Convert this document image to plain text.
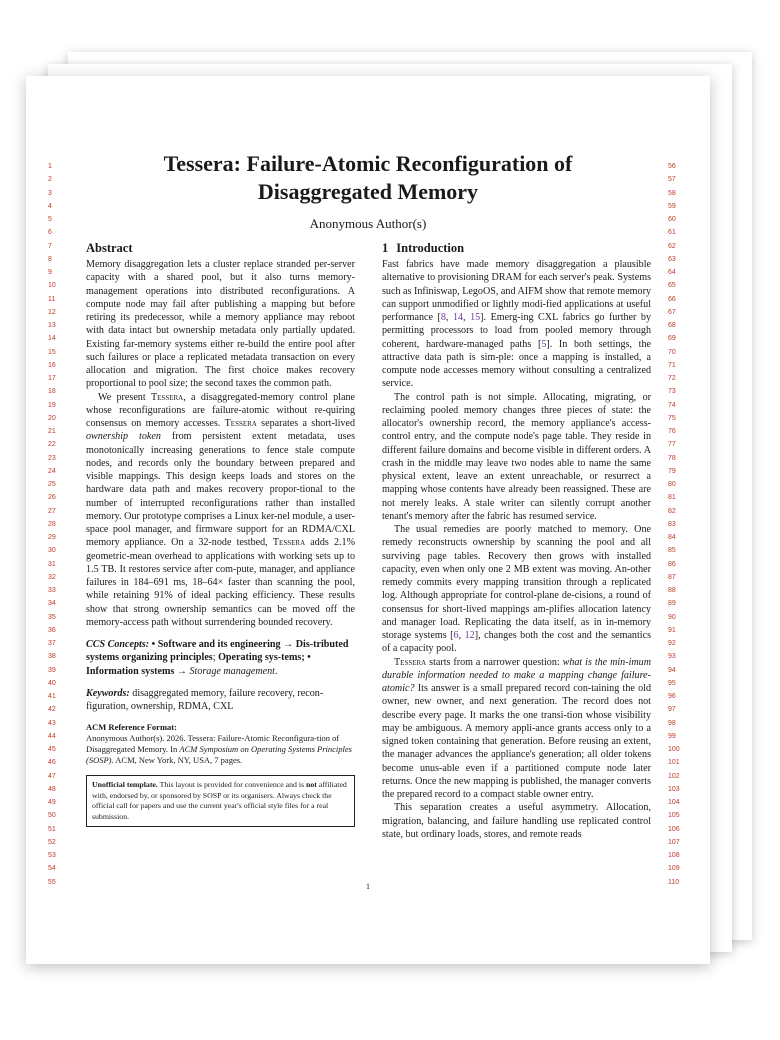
1
2
3
4
5
6
7
8
9
10
11
12
13
14
15
16
17
18
19
20
21
22
23
24
25
26
27
28
29
30
31
32
33
34
35
36
37
38
39
40
41
42
43
44
45
46
47
48
49
50
51
52
53
54
55
56
57
58
59
60
61
62
63
64
65
66
67
68
69
70
71
72
73
74
75
76
77
78
79
80
81
82
83
84
85
86
87
88
89
90
91
92
93
94
95
96
97
98
99
100
101
102
103
104
105
106
107
108
109
110
Tessera: Failure-Atomic Reconfiguration of
Disaggregated Memory
Anonymous Author(s)
Abstract

Memory disaggregation lets a cluster replace stranded per-server capacity with a shared pool, but it also turns memory-management operations into distributed reconfigurations. A compute node may fail after publishing a mapping but before retiring its predecessor, while a memory appliance may reboot with data intact but ownership metadata only partially updated. Existing far-memory systems either re-build the entire pool after such failures or place a replicated metadata transaction on every allocation and migration. The first choice makes recovery proportional to pool size; the second taxes the common path.

We present Tessera, a disaggregated-memory control plane whose reconfigurations are failure-atomic without re-quiring consensus on memory accesses. Tessera separates a short-lived ownership token from persistent extent metadata, uses monotonically increasing generations to fence stale compute nodes, and records only the boundary between prepared and visible mappings. This design keeps loads and stores on the hardware data path and makes recovery propor-tional to the number of interrupted reconfigurations rather than installed memory. Our prototype comprises a Linux ker-nel module, a user-space pool manager, and firmware support for an RDMA/CXL memory appliance. On a 32-node testbed, Tessera adds 2.1% geometric-mean overhead to applications with working sets up to 1.5 TB. It restores service after com-pute, manager, and appliance failures in 184–691 ms, 18–64× faster than scanning the pool, while retaining 91% of ideal packing efficiency. These results show that strong ownership semantics can be moved off the memory-access path without surrendering bounded recovery.

CCS Concepts: • Software and its engineering → Dis-tributed systems organizing principles; Operating sys-tems; • Information systems → Storage management.

Keywords: disaggregated memory, failure recovery, recon-figuration, ownership, RDMA, CXL

ACM Reference Format:
Anonymous Author(s). 2026. Tessera: Failure-Atomic Reconfigura-tion of Disaggregated Memory. In ACM Symposium on Operating Systems Principles (SOSP). ACM, New York, NY, USA, 7 pages.
Unofficial template. This layout is provided for convenience and is not affiliated with, endorsed by, or sponsored by SOSP or its organisers. Always check the official call for papers and use the current year's official style files for a real submission.
1 Introduction

Fast fabrics have made memory disaggregation a plausible alternative to provisioning DRAM for each server's peak. Systems such as Infiniswap, LegoOS, and AIFM show that remote memory can support unmodified or lightly modi-fied applications at useful performance [8, 14, 15]. Emerg-ing CXL fabrics go further by permitting processors to load from pooled memory through coherent, hardware-managed paths [5]. In both settings, the attractive data path is sim-ple: once a mapping is installed, a compute node accesses memory without consulting a centralized service.

The control path is not simple. Allocating, migrating, or reclaiming pooled memory changes three pieces of state: the allocator's ownership record, the memory appliance's access-control entry, and the compute node's page table. They reside in different failure domains and become visible in different orders. A crash in the middle may leave two nodes able to name the same physical extent, leave an extent unreachable, or resurrect a mapping whose contents have already been reassigned. These are not merely leaks. A stale writer can silently corrupt another tenant's memory after the fabric has resumed service.

The usual remedies are poorly matched to memory. One remedy reconstructs ownership by scanning the pool and all surviving page tables. Recovery then grows with installed capacity, even when only one 2 MB extent was moving. An-other remedy commits every mapping transition through a replicated log. Although appropriate for control-plane de-cisions, a round of consensus for short-lived mappings am-plifies allocation latency and manager load. Replicating the data itself, as in in-memory storage systems [6, 12], changes both the cost and the semantics of a capacity pool.

Tessera starts from a narrower question: what is the min-imum durable information needed to make a mapping change failure-atomic? Its answer is a small prepared record con-taining the old owner, new owner, and next generation. The record does not describe every page. It marks the one transi-tion whose visibility may be ambiguous. A memory appli-ance grants access only to a signed token containing that generation. Before reusing an extent, the manager advances the appliance's generation; all older tokens become unus-able even if a partitioned compute node later returns. Once the new mapping is published, the manager converts the prepared record to a compact stable owner entry.

This separation creates a useful asymmetry. Allocation, migration, balancing, and failure handling use replicated control state, but ordinary loads, stores, and remote reads

1
